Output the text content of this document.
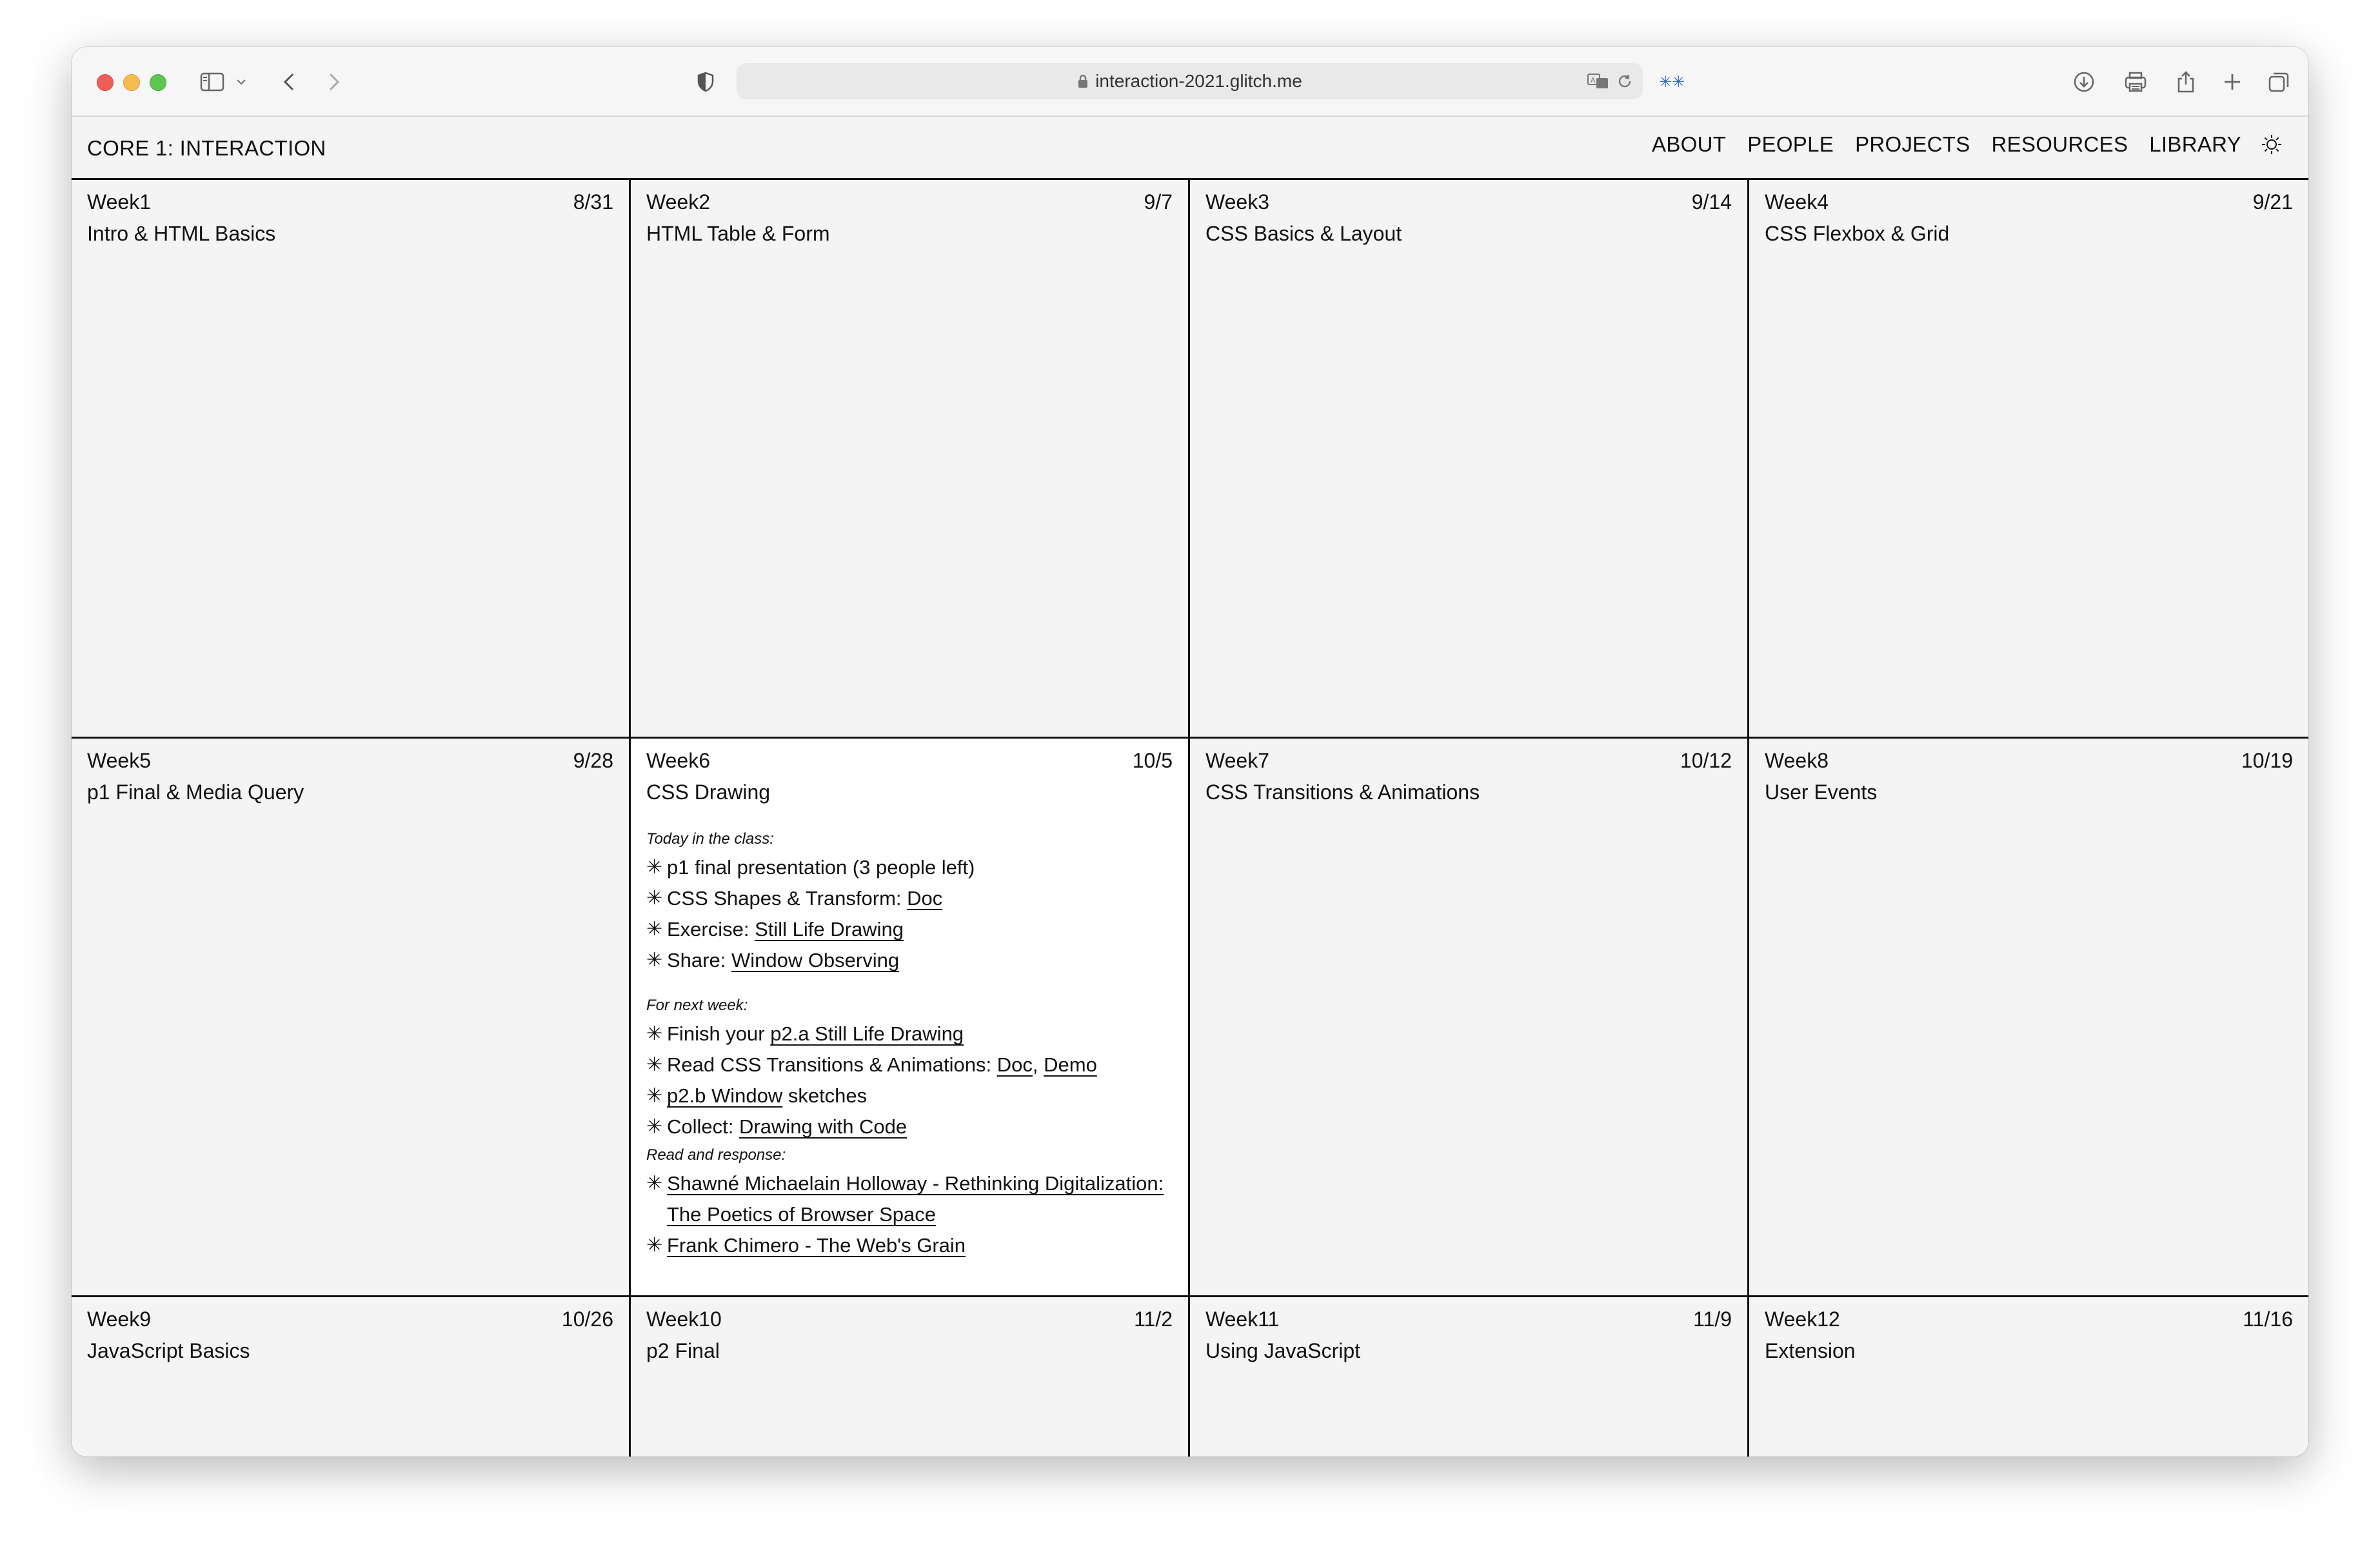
interaction-2021.glitch.me	A	✳✳
CORE 1: INTERACTION	ABOUT PEOPLE PROJECTS RESOURCES LIBRARY
Week1	8/31
Intro & HTML Basics
Week2	9/7
HTML Table & Form
Week3	9/14
CSS Basics & Layout
Week4	9/21
CSS Flexbox & Grid
Week5	9/28
p1 Final & Media Query
Week6	10/5
CSS Drawing
Today in the class:
✳ p1 final presentation (3 people left)
✳ CSS Shapes & Transform: Doc
✳ Exercise: Still Life Drawing
✳ Share: Window Observing
For next week:
✳ Finish your p2.a Still Life Drawing
✳ Read CSS Transitions & Animations: Doc, Demo
✳ p2.b Window sketches
✳ Collect: Drawing with Code
Read and response:
✳ Shawné Michaelain Holloway - Rethinking Digitalization: The Poetics of Browser Space
✳ Frank Chimero - The Web's Grain
Week7	10/12
CSS Transitions & Animations
Week8	10/19
User Events
Week9	10/26
JavaScript Basics
Week10	11/2
p2 Final
Week11	11/9
Using JavaScript
Week12	11/16
Extension
